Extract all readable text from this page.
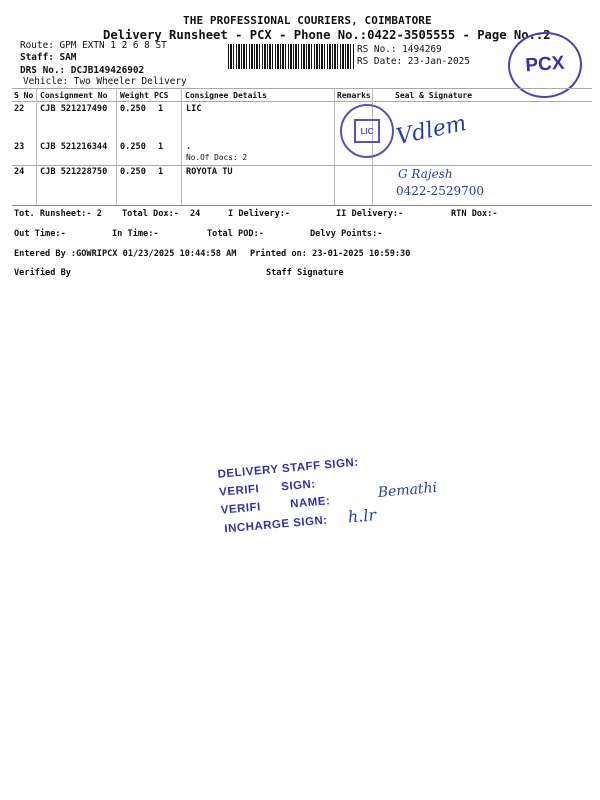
THE PROFESSIONAL COURIERS, COIMBATORE
Delivery Runsheet - PCX - Phone No.:0422-3505555 - Page No.:2
Route: GPM EXTN 1 2 6 8 ST
Staff: SAM
DRS No.: DCJB149426902
Vehicle: Two Wheeler Delivery
RS No.: 1494269
RS Date: 23-Jan-2025	PCX
S No Consignment No Weight PCS Consignee Details	Remarks	Seal & Signature
22 CJB 521217490 0.250 1	LIC
23 CJB 521216344 0.250 1	.
No.Of Docs: 2
24 CJB 521228750 0.250 1	ROYOTA TU
LIC Vdlem
G Rajesh
0422-2529700
Tot. Runsheet:- 2 Total Dox:- 24	I Delivery:-	II Delivery:-	RTN Dox:-
Out Time:-	In Time:-	Total POD:-	Delvy Points:-
Entered By :GOWRIPCX 01/23/2025 10:44:58 AM Printed on: 23-01-2025 10:59:30
Verified By	Staff Signature
DELIVERY STAFF SIGN:
VERIFI      SIGN:
VERIFI        NAME:
INCHARGE SIGN:
Bemathi
h.lr
